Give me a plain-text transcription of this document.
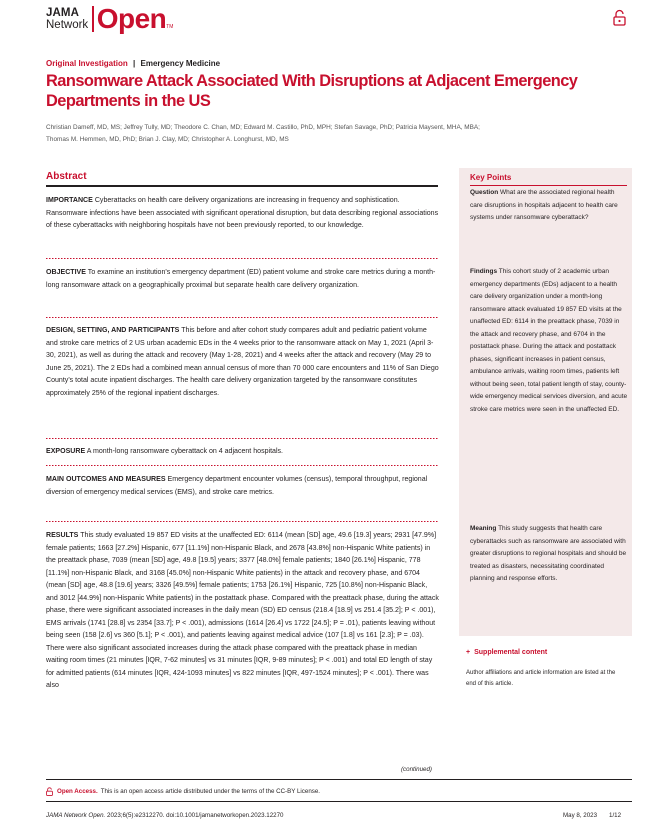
JAMA
Network Open TM
Original Investigation | Emergency Medicine
Ransomware Attack Associated With Disruptions at Adjacent Emergency Departments in the US
Christian Dameff, MD, MS; Jeffrey Tully, MD; Theodore C. Chan, MD; Edward M. Castillo, PhD, MPH; Stefan Savage, PhD; Patricia Maysent, MHA, MBA;
Thomas M. Hemmen, MD, PhD; Brian J. Clay, MD; Christopher A. Longhurst, MD, MS
Abstract
IMPORTANCE Cyberattacks on health care delivery organizations are increasing in frequency and sophistication. Ransomware infections have been associated with significant operational disruption, but data describing regional associations of these cyberattacks with neighboring hospitals have not been previously reported, to our knowledge.
OBJECTIVE To examine an institution's emergency department (ED) patient volume and stroke care metrics during a month-long ransomware attack on a geographically proximal but separate health care delivery organization.
DESIGN, SETTING, AND PARTICIPANTS This before and after cohort study compares adult and pediatric patient volume and stroke care metrics of 2 US urban academic EDs in the 4 weeks prior to the ransomware attack on May 1, 2021 (April 3-30, 2021), as well as during the attack and recovery (May 1-28, 2021) and 4 weeks after the attack and recovery (May 29 to June 25, 2021). The 2 EDs had a combined mean annual census of more than 70 000 care encounters and 11% of San Diego County's total acute inpatient discharges. The health care delivery organization targeted by the ransomware constitutes approximately 25% of the regional inpatient discharges.
EXPOSURE A month-long ransomware cyberattack on 4 adjacent hospitals.
MAIN OUTCOMES AND MEASURES Emergency department encounter volumes (census), temporal throughput, regional diversion of emergency medical services (EMS), and stroke care metrics.
RESULTS This study evaluated 19 857 ED visits at the unaffected ED: 6114 (mean [SD] age, 49.6 [19.3] years; 2931 [47.9%] female patients; 1663 [27.2%] Hispanic, 677 [11.1%] non-Hispanic Black, and 2678 [43.8%] non-Hispanic White patients) in the preattack phase, 7039 (mean [SD] age, 49.8 [19.5] years; 3377 [48.0%] female patients; 1840 [26.1%] Hispanic, 778 [11.1%] non-Hispanic Black, and 3168 [45.0%] non-Hispanic White patients) in the attack and recovery phase, and 6704 (mean [SD] age, 48.8 [19.6] years; 3326 [49.5%] female patients; 1753 [26.1%] Hispanic, 725 [10.8%] non-Hispanic Black, and 3012 [44.9%] non-Hispanic White patients) in the postattack phase. Compared with the preattack phase, during the attack phase, there were significant associated increases in the daily mean (SD) ED census (218.4 [18.9] vs 251.4 [35.2]; P < .001), EMS arrivals (1741 [28.8] vs 2354 [33.7]; P < .001), admissions (1614 [26.4] vs 1722 [24.5]; P = .01), patients leaving without being seen (158 [2.6] vs 360 [5.1]; P < .001), and patients leaving against medical advice (107 [1.8] vs 161 [2.3]; P = .03). There were also significant associated increases during the attack phase compared with the preattack phase in median waiting room times (21 minutes [IQR, 7-62 minutes] vs 31 minutes [IQR, 9-89 minutes]; P < .001) and total ED length of stay for admitted patients (614 minutes [IQR, 424-1093 minutes] vs 822 minutes [IQR, 497-1524 minutes]; P < .001). There was also
(continued)
Key Points
Question What are the associated regional health care disruptions in hospitals adjacent to health care systems under ransomware cyberattack?
Findings This cohort study of 2 academic urban emergency departments (EDs) adjacent to a health care delivery organization under a month-long ransomware attack evaluated 19 857 ED visits at the unaffected ED: 6114 in the preattack phase, 7039 in the attack and recovery phase, and 6704 in the postattack phase. During the attack and postattack phases, significant increases in patient census, ambulance arrivals, waiting room times, patients left without being seen, total patient length of stay, county-wide emergency medical services diversion, and acute stroke care metrics were seen in the unaffected ED.
Meaning This study suggests that health care cyberattacks such as ransomware are associated with greater disruptions to regional hospitals and should be treated as disasters, necessitating coordinated planning and response efforts.
+ Supplemental content
Author affiliations and article information are listed at the end of this article.
Open Access. This is an open access article distributed under the terms of the CC-BY License.
JAMA Network Open. 2023;6(5):e2312270. doi:10.1001/jamanetworkopen.2023.12270	May 8, 2023 1/12
